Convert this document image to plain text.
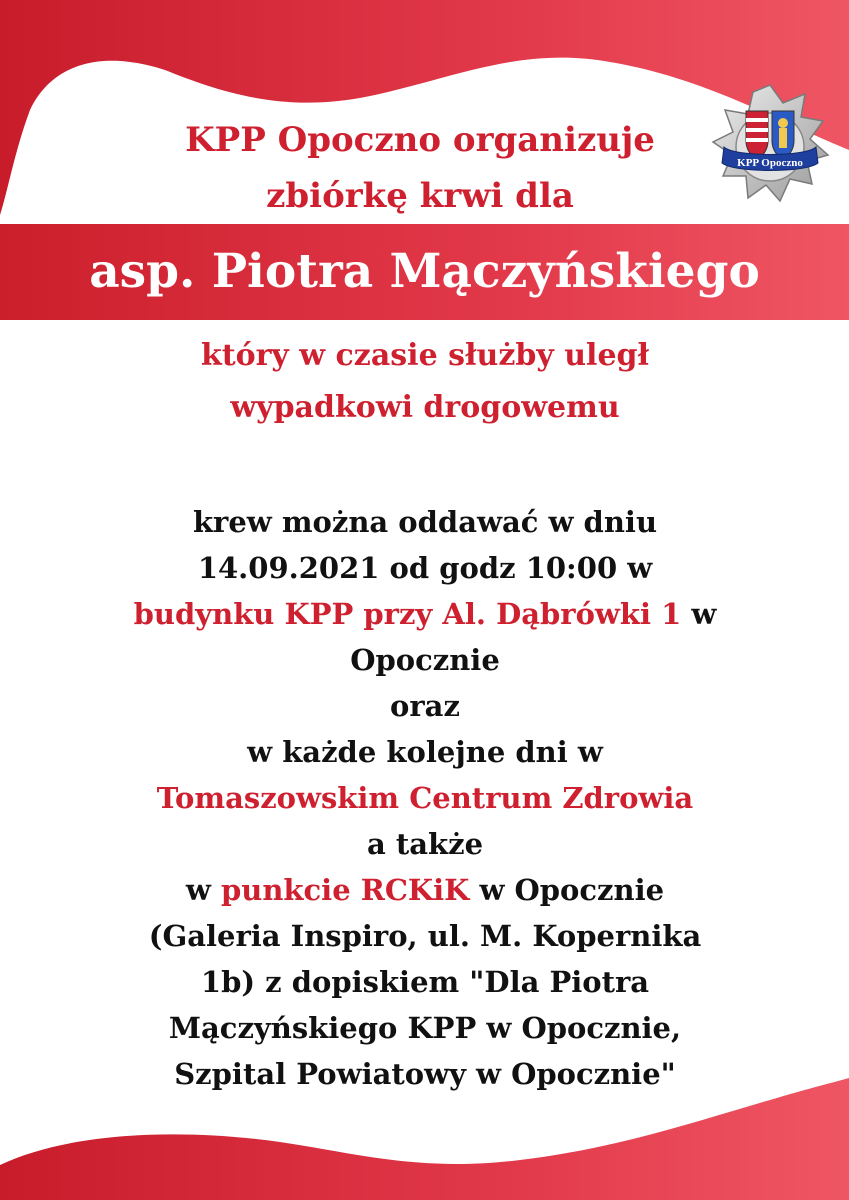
KPP Opoczno organizuje
zbiórkę krwi dla
KPP Opoczno
asp. Piotra Mączyńskiego

który w czasie służby uległ
wypadkowi drogowemu

krew można oddawać w dniu
14.09.2021 od godz 10:00 w
budynku KPP przy Al. Dąbrówki 1 w
Opocznie
oraz
w każde kolejne dni w
Tomaszowskim Centrum Zdrowia
a także
w punkcie RCKiK w Opocznie
(Galeria Inspiro, ul. M. Kopernika
1b) z dopiskiem "Dla Piotra
Mączyńskiego KPP w Opocznie,
Szpital Powiatowy w Opocznie"
